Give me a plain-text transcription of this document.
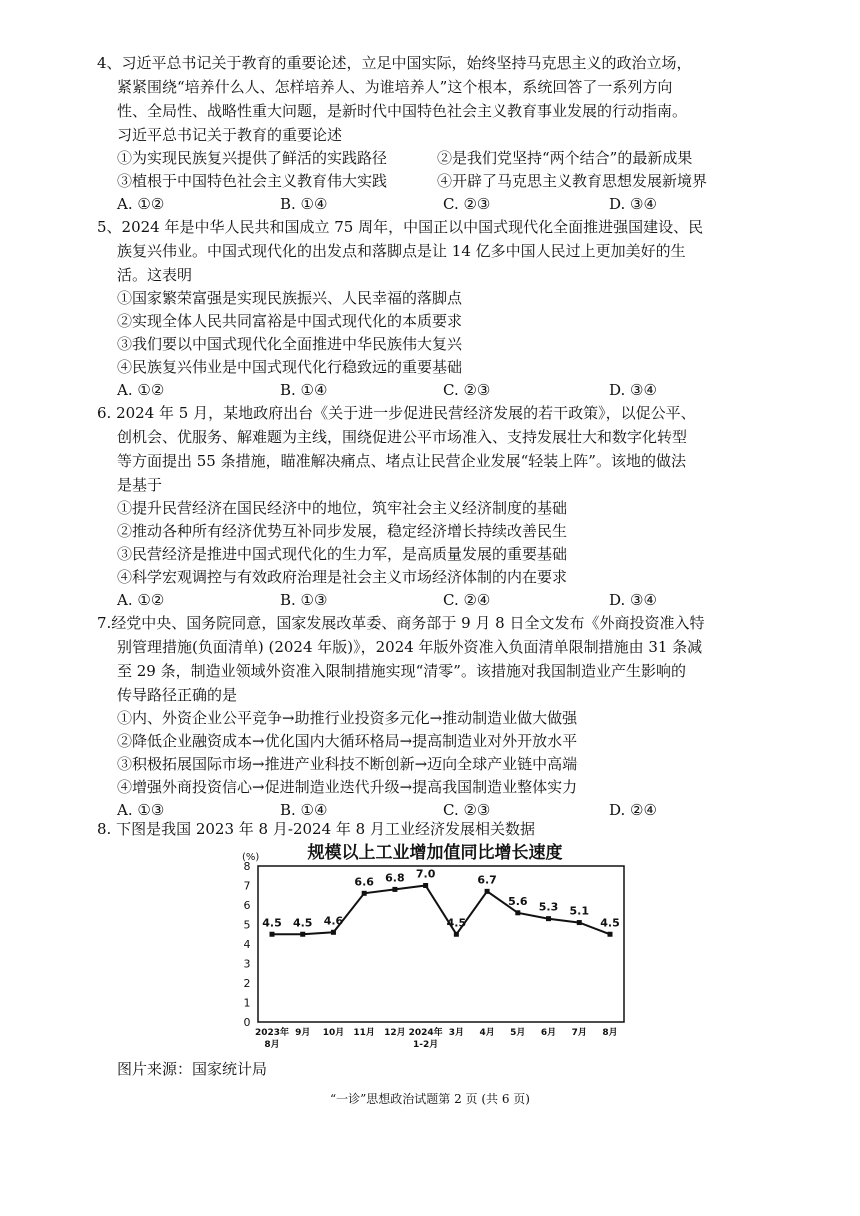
4、习近平总书记关于教育的重要论述，立足中国实际，始终坚持马克思主义的政治立场，
紧紧围绕“培养什么人、怎样培养人、为谁培养人”这个根本，系统回答了一系列方向
性、全局性、战略性重大问题，是新时代中国特色社会主义教育事业发展的行动指南。
习近平总书记关于教育的重要论述
①为实现民族复兴提供了鲜活的实践路径	②是我们党坚持“两个结合”的最新成果
③植根于中国特色社会主义教育伟大实践	④开辟了马克思主义教育思想发展新境界
A. ①②	B. ①④	C. ②③	D. ③④
5、2024 年是中华人民共和国成立 75 周年，中国正以中国式现代化全面推进强国建设、民
族复兴伟业。中国式现代化的出发点和落脚点是让 14 亿多中国人民过上更加美好的生
活。这表明
①国家繁荣富强是实现民族振兴、人民幸福的落脚点
②实现全体人民共同富裕是中国式现代化的本质要求
③我们要以中国式现代化全面推进中华民族伟大复兴
④民族复兴伟业是中国式现代化行稳致远的重要基础
A. ①②	B. ①④	C. ②③	D. ③④
6. 2024 年 5 月，某地政府出台《关于进一步促进民营经济发展的若干政策》，以促公平、
创机会、优服务、解难题为主线，围绕促进公平市场准入、支持发展壮大和数字化转型
等方面提出 55 条措施，瞄准解决痛点、堵点让民营企业发展“轻装上阵”。该地的做法
是基于
①提升民营经济在国民经济中的地位，筑牢社会主义经济制度的基础
②推动各种所有经济优势互补同步发展，稳定经济增长持续改善民生
③民营经济是推进中国式现代化的生力军，是高质量发展的重要基础
④科学宏观调控与有效政府治理是社会主义市场经济体制的内在要求
A. ①②	B. ①③	C. ②④	D. ③④
7.经党中央、国务院同意，国家发展改革委、商务部于 9 月 8 日全文发布《外商投资准入特
别管理措施(负面清单) (2024 年版)》，2024 年版外资准入负面清单限制措施由 31 条减
至 29 条，制造业领域外资准入限制措施实现“清零”。该措施对我国制造业产生影响的
传导路径正确的是
①内、外资企业公平竞争→助推行业投资多元化→推动制造业做大做强
②降低企业融资成本→优化国内大循环格局→提高制造业对外开放水平
③积极拓展国际市场→推进产业科技不断创新→迈向全球产业链中高端
④增强外商投资信心→促进制造业迭代升级→提高我国制造业整体实力
A. ①③	B. ①④	C. ②③	D. ②④
8. 下图是我国 2023 年 8 月-2024 年 8 月工业经济发展相关数据
规模以上工业增加值同比增长速度
(%)
0
1
2
3
4
5
6
7
8
2023年 8月
9月 10月 11月 12月 2024年 1-2月
3月 4月 5月 6月 7月 8月
4.5 4.5 4.6
6.6 6.8 7.0
4.5
6.7
5.6 5.3 5.1
4.5
图片来源：国家统计局
“一诊”思想政治试题第 2 页 (共 6 页)
